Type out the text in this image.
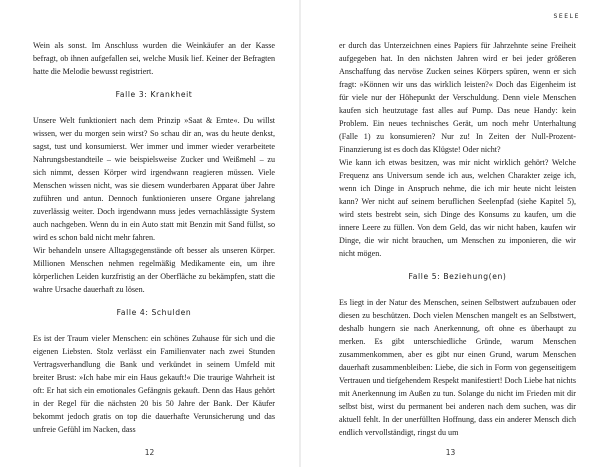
Wein als sonst. Im Anschluss wurden die Weinkäufer an der Kasse befragt, ob ihnen aufgefallen sei, welche Musik lief. Keiner der Befragten hatte die Melodie bewusst registriert.

Falle 3: Krankheit

Unsere Welt funktioniert nach dem Prinzip »Saat & Ernte«. Du willst wissen, wer du morgen sein wirst? So schau dir an, was du heute denkst, sagst, tust und konsumierst. Wer immer und immer wieder verarbeitete Nahrungsbestandteile – wie beispielsweise Zucker und Weißmehl – zu sich nimmt, dessen Körper wird irgendwann reagieren müssen. Viele Menschen wissen nicht, was sie diesem wunderbaren Apparat über Jahre zuführen und antun. Dennoch funktionieren unsere Organe jahrelang zuverlässig weiter. Doch irgendwann muss jedes vernachlässigte System auch nachgeben. Wenn du in ein Auto statt mit Benzin mit Sand füllst, so wird es schon bald nicht mehr fahren.

Wir behandeln unsere Alltagsgegenstände oft besser als unseren Körper. Millionen Menschen nehmen regelmäßig Medikamente ein, um ihre körperlichen Leiden kurzfristig an der Oberfläche zu bekämpfen, statt die wahre Ursache dauerhaft zu lösen.

Falle 4: Schulden

Es ist der Traum vieler Menschen: ein schönes Zuhause für sich und die eigenen Liebsten. Stolz verlässt ein Familienvater nach zwei Stunden Vertragsverhandlung die Bank und verkündet in seinem Umfeld mit breiter Brust: »Ich habe mir ein Haus gekauft!« Die traurige Wahrheit ist oft: Er hat sich ein emotionales Gefängnis gekauft. Denn das Haus gehört in der Regel für die nächsten 20 bis 50 Jahre der Bank. Der Käufer bekommt jedoch gratis on top die dauerhafte Verunsicherung und das unfreie Gefühl im Nacken, dass

12
SEELE

er durch das Unterzeichnen eines Papiers für Jahrzehnte seine Freiheit aufgegeben hat. In den nächsten Jahren wird er bei jeder größeren Anschaffung das nervöse Zucken seines Körpers spüren, wenn er sich fragt: »Können wir uns das wirklich leisten?« Doch das Eigenheim ist für viele nur der Höhepunkt der Verschuldung. Denn viele Menschen kaufen sich heutzutage fast alles auf Pump. Das neue Handy: kein Problem. Ein neues technisches Gerät, um noch mehr Unterhaltung (Falle 1) zu konsumieren? Nur zu! In Zeiten der Null-Prozent-Finanzierung ist es doch das Klügste! Oder nicht?

Wie kann ich etwas besitzen, was mir nicht wirklich gehört? Welche Frequenz ans Universum sende ich aus, welchen Charakter zeige ich, wenn ich Dinge in Anspruch nehme, die ich mir heute nicht leisten kann? Wer nicht auf seinem beruflichen Seelenpfad (siehe Kapitel 5), wird stets bestrebt sein, sich Dinge des Konsums zu kaufen, um die innere Leere zu füllen. Von dem Geld, das wir nicht haben, kaufen wir Dinge, die wir nicht brauchen, um Menschen zu imponieren, die wir nicht mögen.

Falle 5: Beziehung(en)

Es liegt in der Natur des Menschen, seinen Selbstwert aufzubauen oder diesen zu beschützen. Doch vielen Menschen mangelt es an Selbstwert, deshalb hungern sie nach Anerkennung, oft ohne es überhaupt zu merken. Es gibt unterschiedliche Gründe, warum Menschen zusammenkommen, aber es gibt nur einen Grund, warum Menschen dauerhaft zusammenbleiben: Liebe, die sich in Form von gegenseitigem Vertrauen und tiefgehendem Respekt manifestiert! Doch Liebe hat nichts mit Anerkennung im Außen zu tun. Solange du nicht im Frieden mit dir selbst bist, wirst du permanent bei anderen nach dem suchen, was dir aktuell fehlt. In der unerfüllten Hoffnung, dass ein anderer Mensch dich endlich vervollständigt, ringst du um

13
